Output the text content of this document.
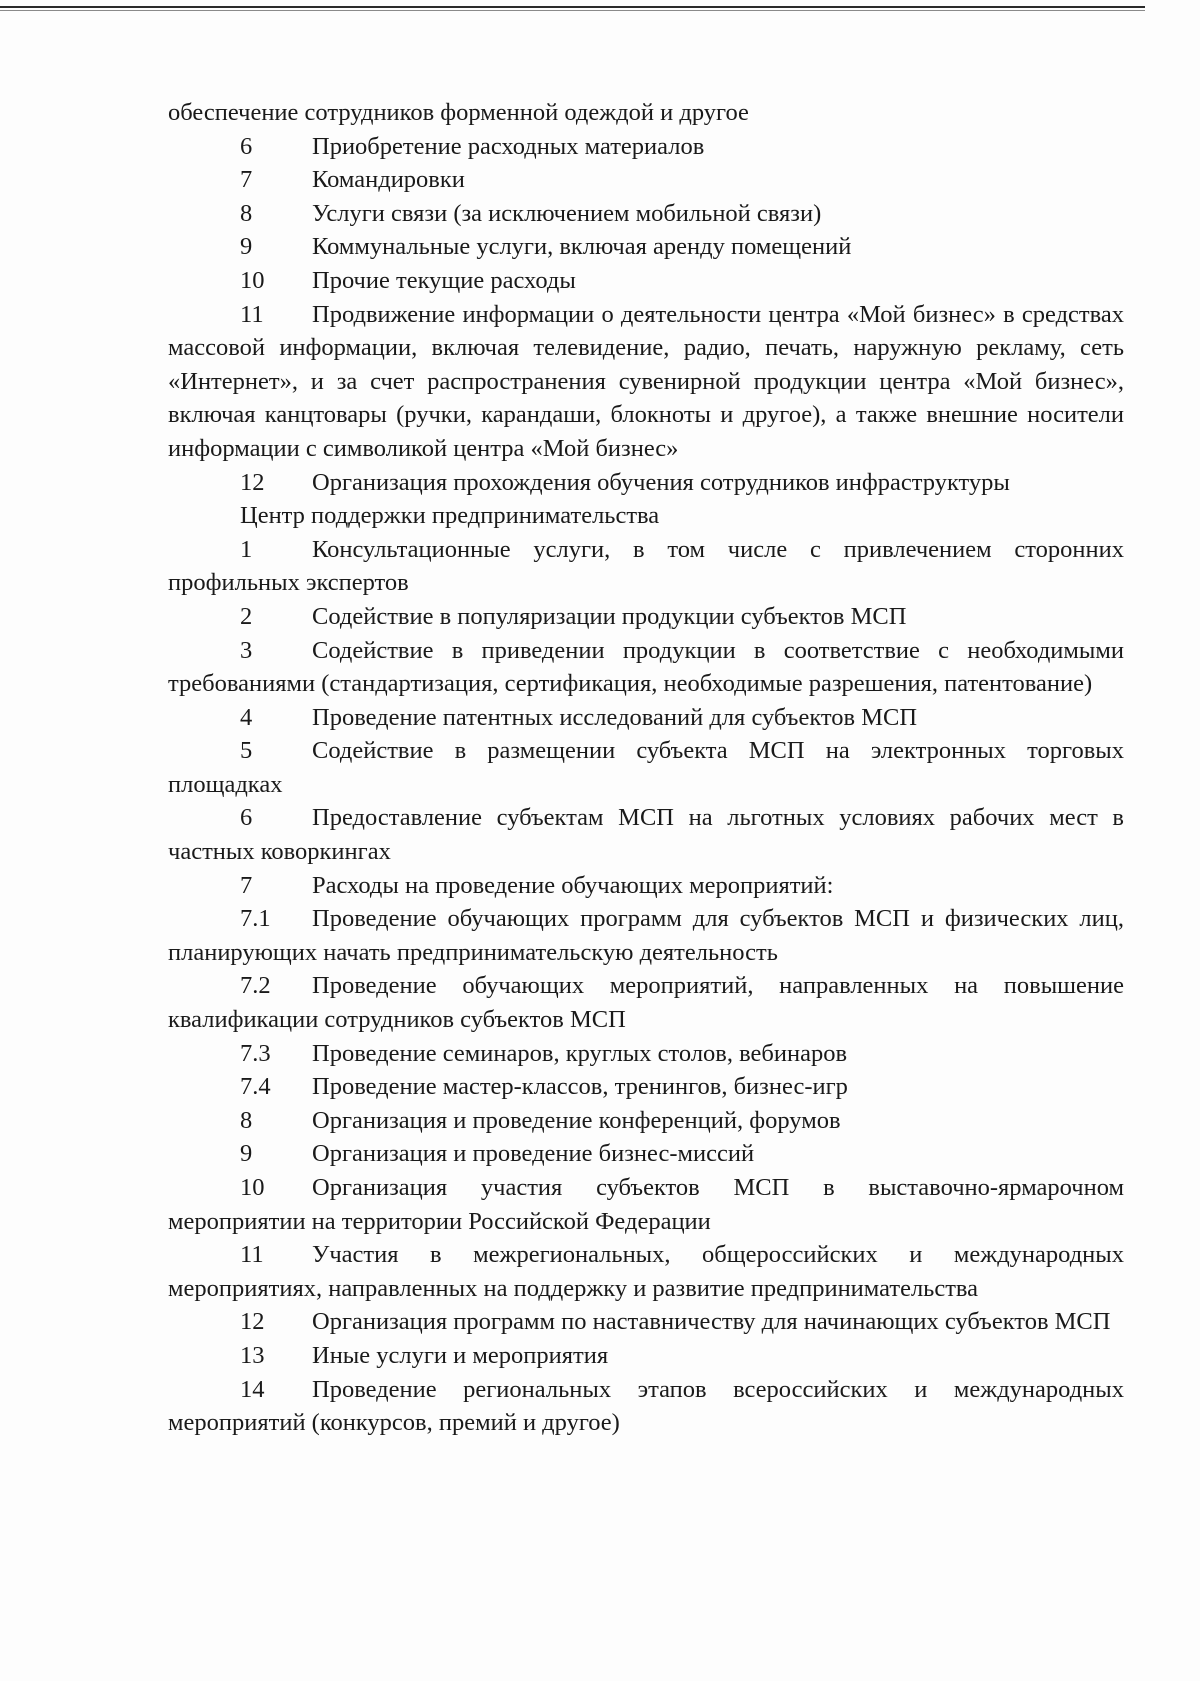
обеспечение сотрудников форменной одеждой и другое

6 Приобретение расходных материалов

7 Командировки

8 Услуги связи (за исключением мобильной связи)

9 Коммунальные услуги, включая аренду помещений

10 Прочие текущие расходы

11 Продвижение информации о деятельности центра «Мой бизнес» в средствах массовой информации, включая телевидение, радио, печать, наружную рекламу, сеть «Интернет», и за счет распространения сувенирной продукции центра «Мой бизнес», включая канцтовары (ручки, карандаши, блокноты и другое), а также внешние носители информации с символикой центра «Мой бизнес»

12 Организация прохождения обучения сотрудников инфраструктуры

Центр поддержки предпринимательства

1 Консультационные услуги, в том числе с привлечением сторонних профильных экспертов

2 Содействие в популяризации продукции субъектов МСП

3 Содействие в приведении продукции в соответствие с необходимыми требованиями (стандартизация, сертификация, необходимые разрешения, патентование)

4 Проведение патентных исследований для субъектов МСП

5 Содействие в размещении субъекта МСП на электронных торговых площадках

6 Предоставление субъектам МСП на льготных условиях рабочих мест в частных коворкингах

7 Расходы на проведение обучающих мероприятий:

7.1 Проведение обучающих программ для субъектов МСП и физических лиц, планирующих начать предпринимательскую деятельность

7.2 Проведение обучающих мероприятий, направленных на повышение квалификации сотрудников субъектов МСП

7.3 Проведение семинаров, круглых столов, вебинаров

7.4 Проведение мастер-классов, тренингов, бизнес-игр

8 Организация и проведение конференций, форумов

9 Организация и проведение бизнес-миссий

10 Организация участия субъектов МСП в выставочно-ярмарочном мероприятии на территории Российской Федерации

11 Участия в межрегиональных, общероссийских и международных мероприятиях, направленных на поддержку и развитие предпринимательства

12 Организация программ по наставничеству для начинающих субъектов МСП

13 Иные услуги и мероприятия

14 Проведение региональных этапов всероссийских и международных мероприятий (конкурсов, премий и другое)
